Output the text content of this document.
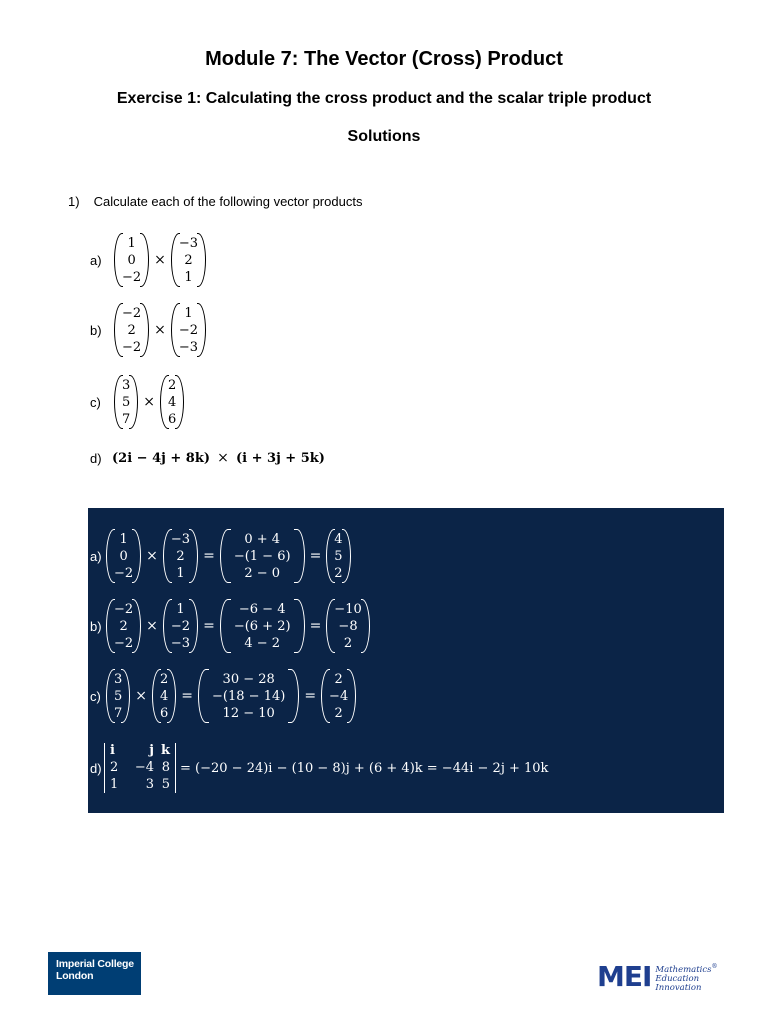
Module 7: The Vector (Cross) Product
Exercise 1: Calculating the cross product and the scalar triple product
Solutions
1) Calculate each of the following vector products
a)
1
0
−2
×
−3
2
1
b)
−2
2
−2
×
1
−2
−3
c)
3
5
7
×
2
4
6
d) (2i − 4j + 8k) × (i + 3j + 5k)
a)
1
0
−2
×
−3
2
1
=
0 + 4
−(1 − 6)
2 − 0
=
4
5
2
b)
−2
2
−2
×
1
−2
−3
=
−6 − 4
−(6 + 2)
4 − 2
=
−10
−8
2
c)
3
5
7
×
2
4
6
=
30 − 28
−(18 − 14)
12 − 10
=
2
−4
2
d)
i	j k
2	−4 8
1	3 5
= (−20 − 24)i − (10 − 8)j + (6 + 4)k = −44i − 2j + 10k
Imperial College
London	MEI Mathematics®
Education
Innovation
